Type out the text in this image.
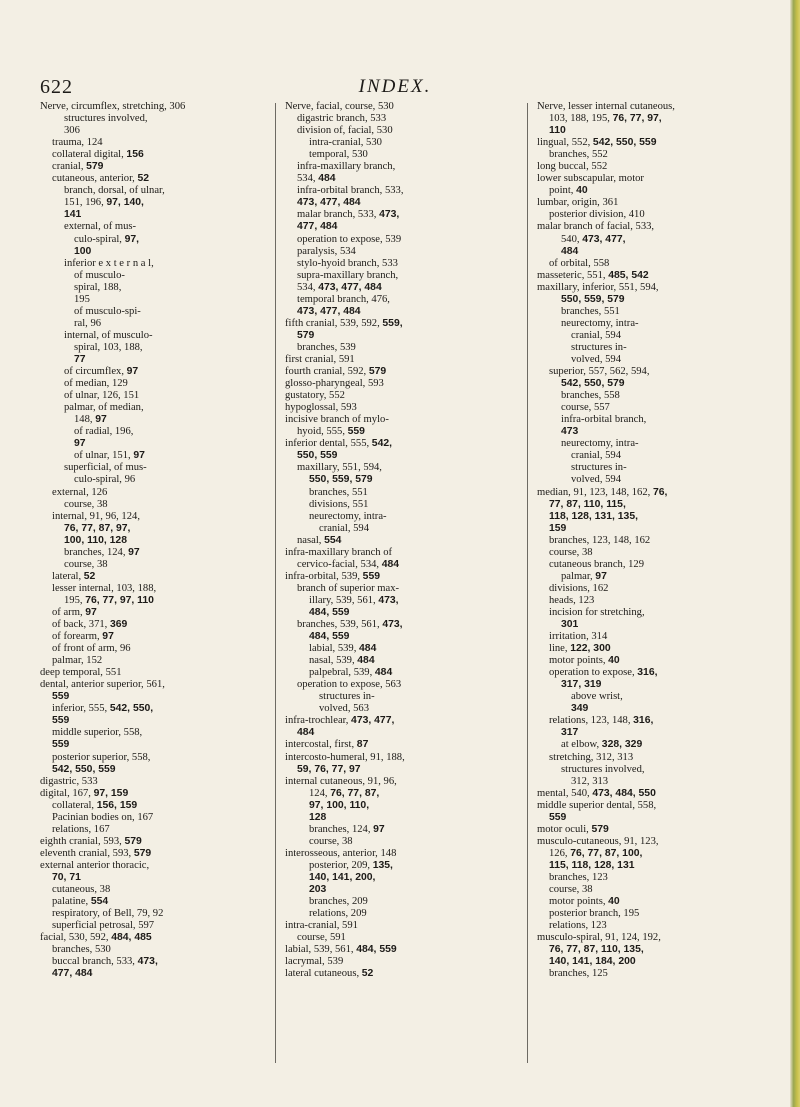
622	INDEX.
Nerve, circumflex, stretching, 306
structures involved,
306
trauma, 124
collateral digital, 156
cranial, 579
cutaneous, anterior, 52
branch, dorsal, of ulnar,
151, 196, 97, 140,
141
external, of mus-
culo-spiral, 97,
100
inferior e x t e r n a l,
of musculo-
spiral, 188,
195
of musculo-spi-
ral, 96
internal, of musculo-
spiral, 103, 188,
77
of circumflex, 97
of median, 129
of ulnar, 126, 151
palmar, of median,
148, 97
of radial, 196,
97
of ulnar, 151, 97
superficial, of mus-
culo-spiral, 96
external, 126
course, 38
internal, 91, 96, 124,
76, 77, 87, 97,
100, 110, 128
branches, 124, 97
course, 38
lateral, 52
lesser internal, 103, 188,
195, 76, 77, 97, 110
of arm, 97
of back, 371, 369
of forearm, 97
of front of arm, 96
palmar, 152
deep temporal, 551
dental, anterior superior, 561,
559
inferior, 555, 542, 550,
559
middle superior, 558,
559
posterior superior, 558,
542, 550, 559
digastric, 533
digital, 167, 97, 159
collateral, 156, 159
Pacinian bodies on, 167
relations, 167
eighth cranial, 593, 579
eleventh cranial, 593, 579
external anterior thoracic,
70, 71
cutaneous, 38
palatine, 554
respiratory, of Bell, 79, 92
superficial petrosal, 597
facial, 530, 592, 484, 485
branches, 530
buccal branch, 533, 473,
477, 484
Nerve, facial, course, 530
digastric branch, 533
division of, facial, 530
intra-cranial, 530
temporal, 530
infra-maxillary branch,
534, 484
infra-orbital branch, 533,
473, 477, 484
malar branch, 533, 473,
477, 484
operation to expose, 539
paralysis, 534
stylo-hyoid branch, 533
supra-maxillary branch,
534, 473, 477, 484
temporal branch, 476,
473, 477, 484
fifth cranial, 539, 592, 559,
579
branches, 539
first cranial, 591
fourth cranial, 592, 579
glosso-pharyngeal, 593
gustatory, 552
hypoglossal, 593
incisive branch of mylo-
hyoid, 555, 559
inferior dental, 555, 542,
550, 559
maxillary, 551, 594,
550, 559, 579
branches, 551
divisions, 551
neurectomy, intra-
cranial, 594
nasal, 554
infra-maxillary branch of
cervico-facial, 534, 484
infra-orbital, 539, 559
branch of superior max-
illary, 539, 561, 473,
484, 559
branches, 539, 561, 473,
484, 559
labial, 539, 484
nasal, 539, 484
palpebral, 539, 484
operation to expose, 563
structures in-
volved, 563
infra-trochlear, 473, 477,
484
intercostal, first, 87
intercosto-humeral, 91, 188,
59, 76, 77, 97
internal cutaneous, 91, 96,
124, 76, 77, 87,
97, 100, 110,
128
branches, 124, 97
course, 38
interosseous, anterior, 148
posterior, 209, 135,
140, 141, 200,
203
branches, 209
relations, 209
intra-cranial, 591
course, 591
labial, 539, 561, 484, 559
lacrymal, 539
lateral cutaneous, 52
Nerve, lesser internal cutaneous,
103, 188, 195, 76, 77, 97,
110
lingual, 552, 542, 550, 559
branches, 552
long buccal, 552
lower subscapular, motor
point, 40
lumbar, origin, 361
posterior division, 410
malar branch of facial, 533,
540, 473, 477,
484
of orbital, 558
masseteric, 551, 485, 542
maxillary, inferior, 551, 594,
550, 559, 579
branches, 551
neurectomy, intra-
cranial, 594
structures in-
volved, 594
superior, 557, 562, 594,
542, 550, 579
branches, 558
course, 557
infra-orbital branch,
473
neurectomy, intra-
cranial, 594
structures in-
volved, 594
median, 91, 123, 148, 162, 76,
77, 87, 110, 115,
118, 128, 131, 135,
159
branches, 123, 148, 162
course, 38
cutaneous branch, 129
palmar, 97
divisions, 162
heads, 123
incision for stretching,
301
irritation, 314
line, 122, 300
motor points, 40
operation to expose, 316,
317, 319
above wrist,
349
relations, 123, 148, 316,
317
at elbow, 328, 329
stretching, 312, 313
structures involved,
312, 313
mental, 540, 473, 484, 550
middle superior dental, 558,
559
motor oculi, 579
musculo-cutaneous, 91, 123,
126, 76, 77, 87, 100,
115, 118, 128, 131
branches, 123
course, 38
motor points, 40
posterior branch, 195
relations, 123
musculo-spiral, 91, 124, 192,
76, 77, 87, 110, 135,
140, 141, 184, 200
branches, 125
